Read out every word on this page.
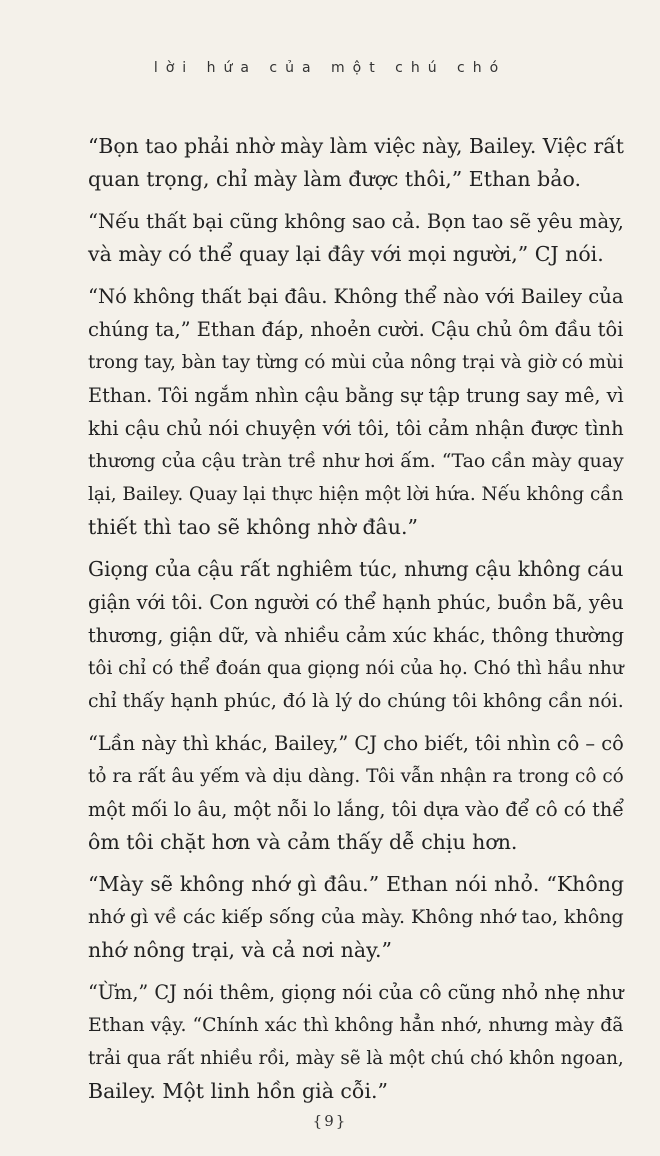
lời hứa của một chú chó
“Bọn tao phải nhờ mày làm việc này, Bailey. Việc rất
quan trọng, chỉ mày làm được thôi,” Ethan bảo.
“Nếu thất bại cũng không sao cả. Bọn tao sẽ yêu mày,
và mày có thể quay lại đây với mọi người,” CJ nói.
“Nó không thất bại đâu. Không thể nào với Bailey của
chúng ta,” Ethan đáp, nhoẻn cười. Cậu chủ ôm đầu tôi
trong tay, bàn tay từng có mùi của nông trại và giờ có mùi
Ethan. Tôi ngắm nhìn cậu bằng sự tập trung say mê, vì
khi cậu chủ nói chuyện với tôi, tôi cảm nhận được tình
thương của cậu tràn trề như hơi ấm. “Tao cần mày quay
lại, Bailey. Quay lại thực hiện một lời hứa. Nếu không cần
thiết thì tao sẽ không nhờ đâu.”
Giọng của cậu rất nghiêm túc, nhưng cậu không cáu
giận với tôi. Con người có thể hạnh phúc, buồn bã, yêu
thương, giận dữ, và nhiều cảm xúc khác, thông thường
tôi chỉ có thể đoán qua giọng nói của họ. Chó thì hầu như
chỉ thấy hạnh phúc, đó là lý do chúng tôi không cần nói.
“Lần này thì khác, Bailey,” CJ cho biết, tôi nhìn cô – cô
tỏ ra rất âu yếm và dịu dàng. Tôi vẫn nhận ra trong cô có
một mối lo âu, một nỗi lo lắng, tôi dựa vào để cô có thể
ôm tôi chặt hơn và cảm thấy dễ chịu hơn.
“Mày sẽ không nhớ gì đâu.” Ethan nói nhỏ. “Không
nhớ gì về các kiếp sống của mày. Không nhớ tao, không
nhớ nông trại, và cả nơi này.”
“Ừm,” CJ nói thêm, giọng nói của cô cũng nhỏ nhẹ như
Ethan vậy. “Chính xác thì không hẳn nhớ, nhưng mày đã
trải qua rất nhiều rồi, mày sẽ là một chú chó khôn ngoan,
Bailey. Một linh hồn già cỗi.”
{9}
